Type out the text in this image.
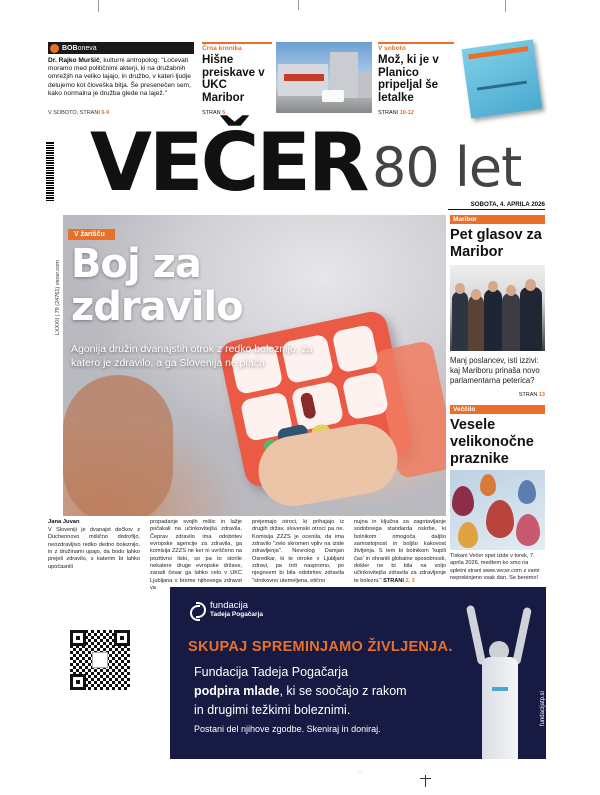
BOB oneva
Dr. Rajko Muršič, kulturni antropolog: "Ločevati moramo med političnimi akterji, ki na družabnih omrežjih na veliko lajajo, in družbo, v kateri ljudje delujemo kot človeška bitja. Še presenečen sem, kako normalna je družba glede na lajež."
V SOBOTO, STRANI 6-9
Črna kronika
Hišne preiskave v UKC Maribor
STRAN 5
V soboto
Mož, ki je v Planico pripeljal še letalke
STRANI 10-12
VEČER 80 let
SOBOTA, 4. APRILA 2026
LXXXII | 79 (24761) vecer.com
V žarišču
Boj za zdravilo
Agonija družin dvanajstih otrok z redko boleznijo, za katero je zdravilo, a ga Slovenija ne plača
Maribor
Pet glasov za Maribor
Manj poslancev, isti izzivi: kaj Mariboru prinaša novo parlamentarna peterica?
STRAN 13
Veččilo
Vesele velikonočne praznike
Tiskani Večer spet izide v torek, 7. aprila 2026, medtem ko smo na spletni strani www.vecer.com z vami neprekinjeno vsak dan. Se beremo!
Jana Juvan
V Sloveniji je dvanajst dečkov z Duchennovo mišično distrofijo, neozdravljivo redko dedno boleznijo, in z družinami upajo, da bodo lahko prejeli zdravilo, s katerim bi lahko upočasnili
propadanje svojih mišic in lažje počakali na učinkovitejša zdravila. Čeprav zdravilo ima odobritev evropske agencije za zdravila, ga komisija ZZZS ne ker ni uvrščeno na pozitivno listo, so pa to storile nekatere druge evropske države, zaradi česar ga lahko celo v UKC Ljubljana v breme njihovega zdravst va
prejemajo otroci, ki prihajajo iz drugih držav, slovenski otroci pa ne. Komisija ZZZS je ocenila, da ima zdravilo "zelo skromen vpliv na izide zdravljenja". Nevrolog Damjan Osredkar, ki te otroke v Ljubljani zdravi, pa trdi nasprotno, po njegovem bi bila odobritev zdravila "strokovno utemeljena, etično
nujna in ključna za zagotavljanje sodobnega standarda oskrbe, ki bolnikom omogoča daljšo samostojnost in boljšo kakovost življenja. S tem bi bolnikom 'kupili čas' in ohranili globalne sposobnosti, dokler ne bi bila na voljo učinkovitejša zdravila za zdravljenje te bolezni." STRANI 2, 3
fundacija
Tadeja Pogačarja
SKUPAJ SPREMINJAMO ŽIVLJENJA.
Fundacija Tadeja Pogačarja
podpira mlade, ki se soočajo z rakom
in drugimi težkimi boleznimi.
Postani del njihove zgodbe. Skeniraj in doniraj.
fundacijatp.si
: :
